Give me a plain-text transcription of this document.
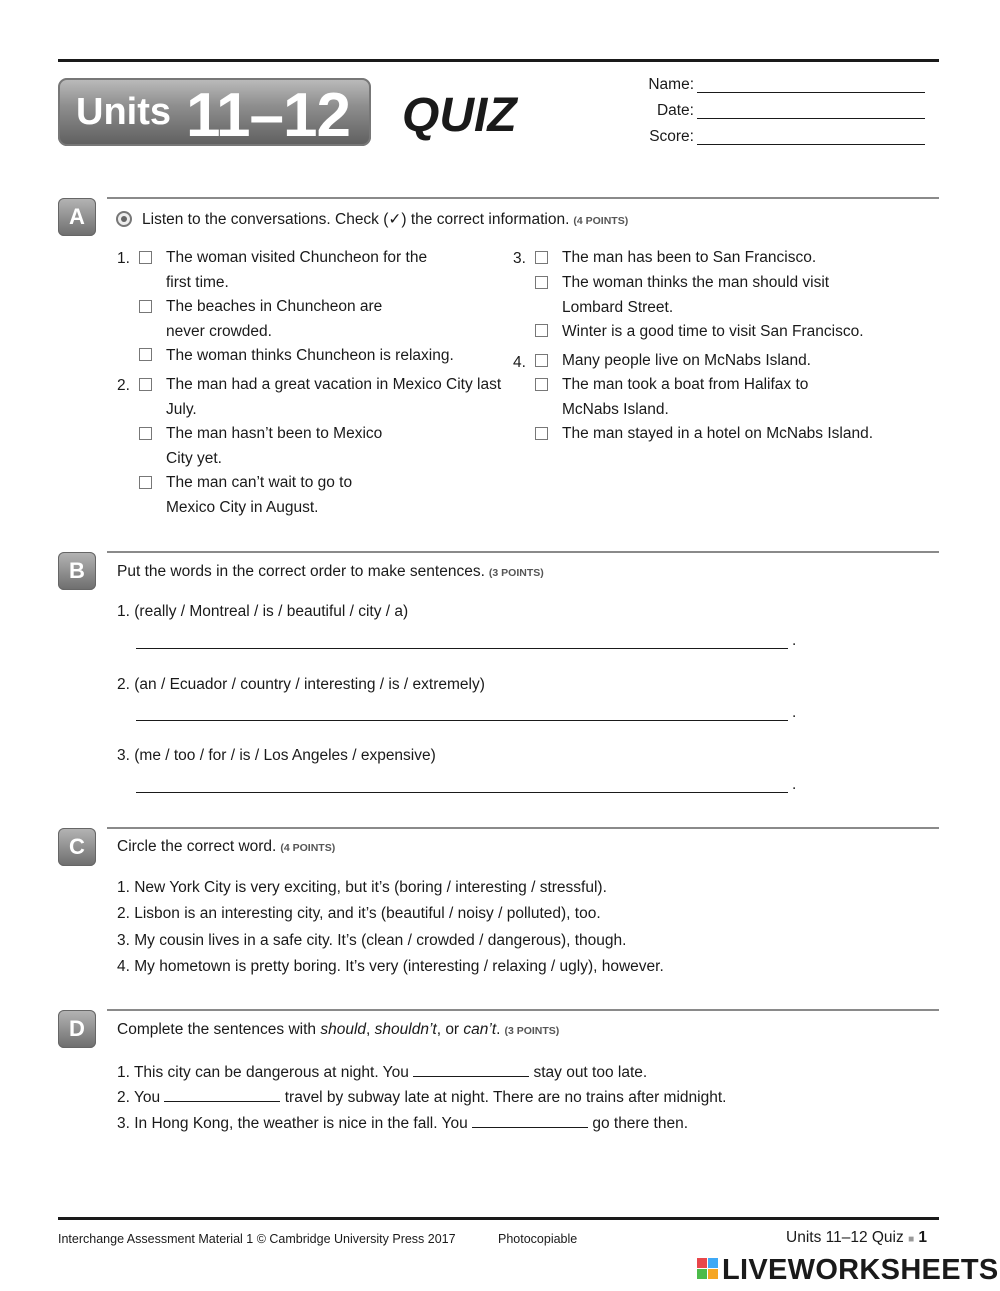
Units 11–12 QUIZ
Name:
Date:
Score:
A	Listen to the conversations. Check (✓) the correct information. (4 POINTS)
1. The woman visited Chuncheon for the first time.
The beaches in Chuncheon are never crowded.
The woman thinks Chuncheon is relaxing.
2. The man had a great vacation in Mexico City last July.
The man hasn’t been to Mexico City yet.
The man can’t wait to go to Mexico City in August.
3. The man has been to San Francisco.
The woman thinks the man should visit Lombard Street.
Winter is a good time to visit San Francisco.
4. Many people live on McNabs Island.
The man took a boat from Halifax to McNabs Island.
The man stayed in a hotel on McNabs Island.
B	Put the words in the correct order to make sentences. (3 POINTS)
1. (really / Montreal / is / beautiful / city / a)
.
2. (an / Ecuador / country / interesting / is / extremely)
.
3. (me / too / for / is / Los Angeles / expensive)
.
C	Circle the correct word. (4 POINTS)
1. New York City is very exciting, but it’s (boring / interesting / stressful).
2. Lisbon is an interesting city, and it’s (beautiful / noisy / polluted), too.
3. My cousin lives in a safe city. It’s (clean / crowded / dangerous), though.
4. My hometown is pretty boring. It’s very (interesting / relaxing / ugly), however.
D	Complete the sentences with should, shouldn’t, or can’t. (3 POINTS)
1. This city can be dangerous at night. You	stay out too late.
2. You	travel by subway late at night. There are no trains after midnight.
3. In Hong Kong, the weather is nice in the fall. You	go there then.
Interchange Assessment Material 1 © Cambridge University Press 2017	Photocopiable	Units 11–12 Quiz ■ 1
LIVEWORKSHEETS
